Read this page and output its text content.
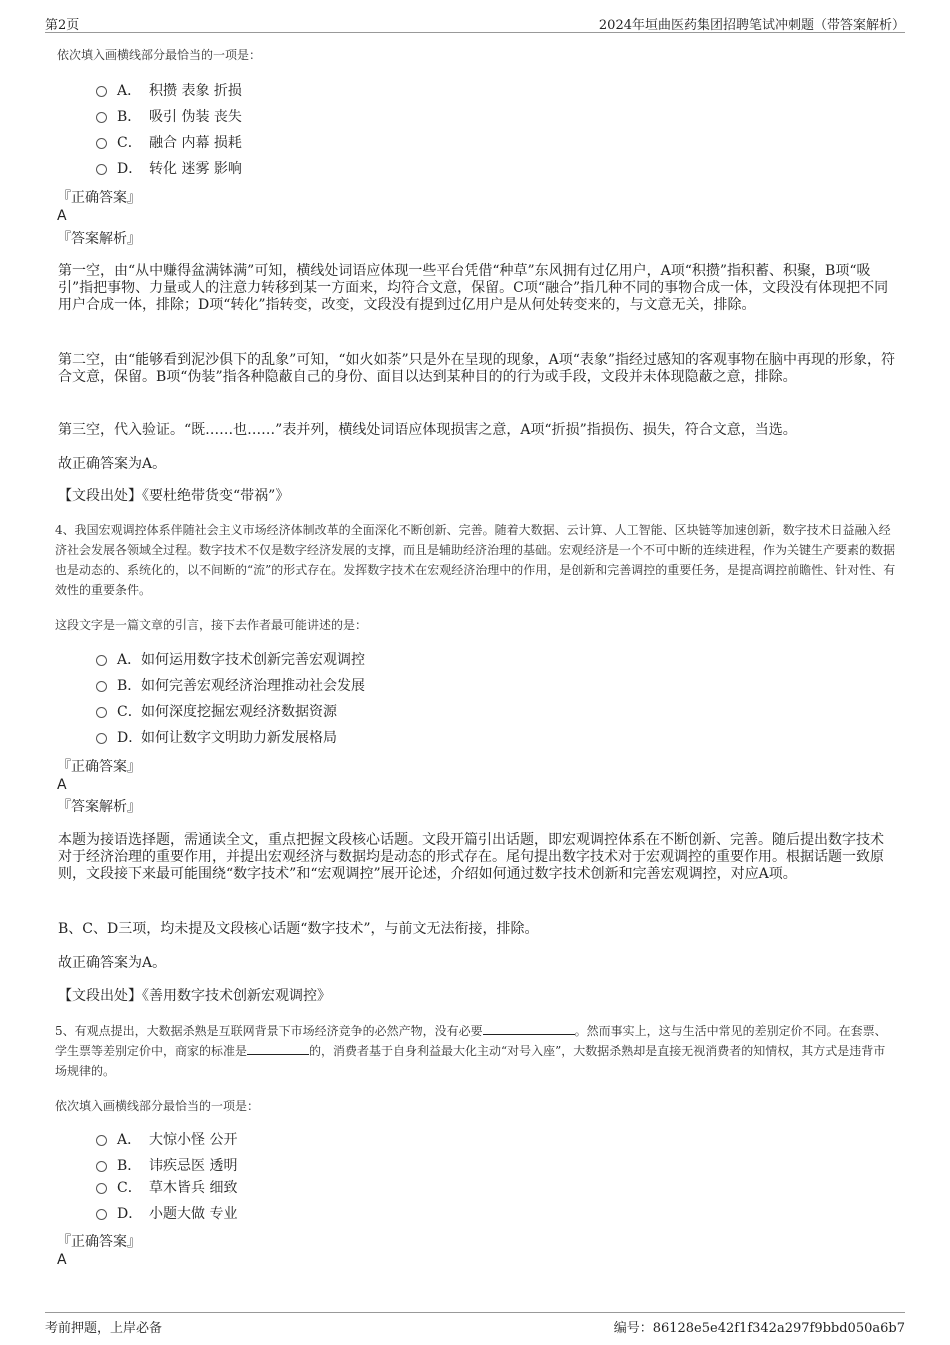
第2页	2024年垣曲医药集团招聘笔试冲刺题（带答案解析）
依次填入画横线部分最恰当的一项是：
A． 积攒 表象 折损
B． 吸引 伪装 丧失
C． 融合 内幕 损耗
D． 转化 迷雾 影响
『正确答案』
A
『答案解析』
第一空，由“从中赚得盆满钵满”可知，横线处词语应体现一些平台凭借“种草”东风拥有过亿用户，A项“积攒”指积蓄、积聚，B项“吸引”指把事物、力量或人的注意力转移到某一方面来，均符合文意，保留。C项“融合”指几种不同的事物合成一体，文段没有体现把不同用户合成一体，排除；D项“转化”指转变，改变，文段没有提到过亿用户是从何处转变来的，与文意无关，排除。
第二空，由“能够看到泥沙俱下的乱象”可知，“如火如荼”只是外在呈现的现象，A项“表象”指经过感知的客观事物在脑中再现的形象，符合文意，保留。B项“伪装”指各种隐蔽自己的身份、面目以达到某种目的的行为或手段，文段并未体现隐蔽之意，排除。
第三空，代入验证。“既……也……”表并列，横线处词语应体现损害之意，A项“折损”指损伤、损失，符合文意，当选。
故正确答案为A。
【文段出处】《要杜绝带货变“带祸”》
4、我国宏观调控体系伴随社会主义市场经济体制改革的全面深化不断创新、完善。随着大数据、云计算、人工智能、区块链等加速创新，数字技术日益融入经济社会发展各领域全过程。数字技术不仅是数字经济发展的支撑，而且是辅助经济治理的基础。宏观经济是一个不可中断的连续进程，作为关键生产要素的数据也是动态的、系统化的，以不间断的“流”的形式存在。发挥数字技术在宏观经济治理中的作用，是创新和完善调控的重要任务，是提高调控前瞻性、针对性、有效性的重要条件。
这段文字是一篇文章的引言，接下去作者最可能讲述的是：
A．如何运用数字技术创新完善宏观调控
B．如何完善宏观经济治理推动社会发展
C．如何深度挖掘宏观经济数据资源
D．如何让数字文明助力新发展格局
『正确答案』
A
『答案解析』
本题为接语选择题，需通读全文，重点把握文段核心话题。文段开篇引出话题，即宏观调控体系在不断创新、完善。随后提出数字技术对于经济治理的重要作用，并提出宏观经济与数据均是动态的形式存在。尾句提出数字技术对于宏观调控的重要作用。根据话题一致原则，文段接下来最可能围绕“数字技术”和“宏观调控”展开论述，介绍如何通过数字技术创新和完善宏观调控，对应A项。
B、C、D三项，均未提及文段核心话题“数字技术”，与前文无法衔接，排除。
故正确答案为A。
【文段出处】《善用数字技术创新宏观调控》
5、有观点提出，大数据杀熟是互联网背景下市场经济竞争的必然产物，没有必要	。然而事实上，这与生活中常见的差别定价不同。在套票、学生票等差别定价中，商家的标准是	的，消费者基于自身利益最大化主动“对号入座”，大数据杀熟却是直接无视消费者的知情权，其方式是违背市场规律的。
依次填入画横线部分最恰当的一项是：
A． 大惊小怪 公开
B． 讳疾忌医 透明
C． 草木皆兵 细致
D． 小题大做 专业
『正确答案』
A
考前押题，上岸必备	编号：86128e5e42f1f342a297f9bbd050a6b7
